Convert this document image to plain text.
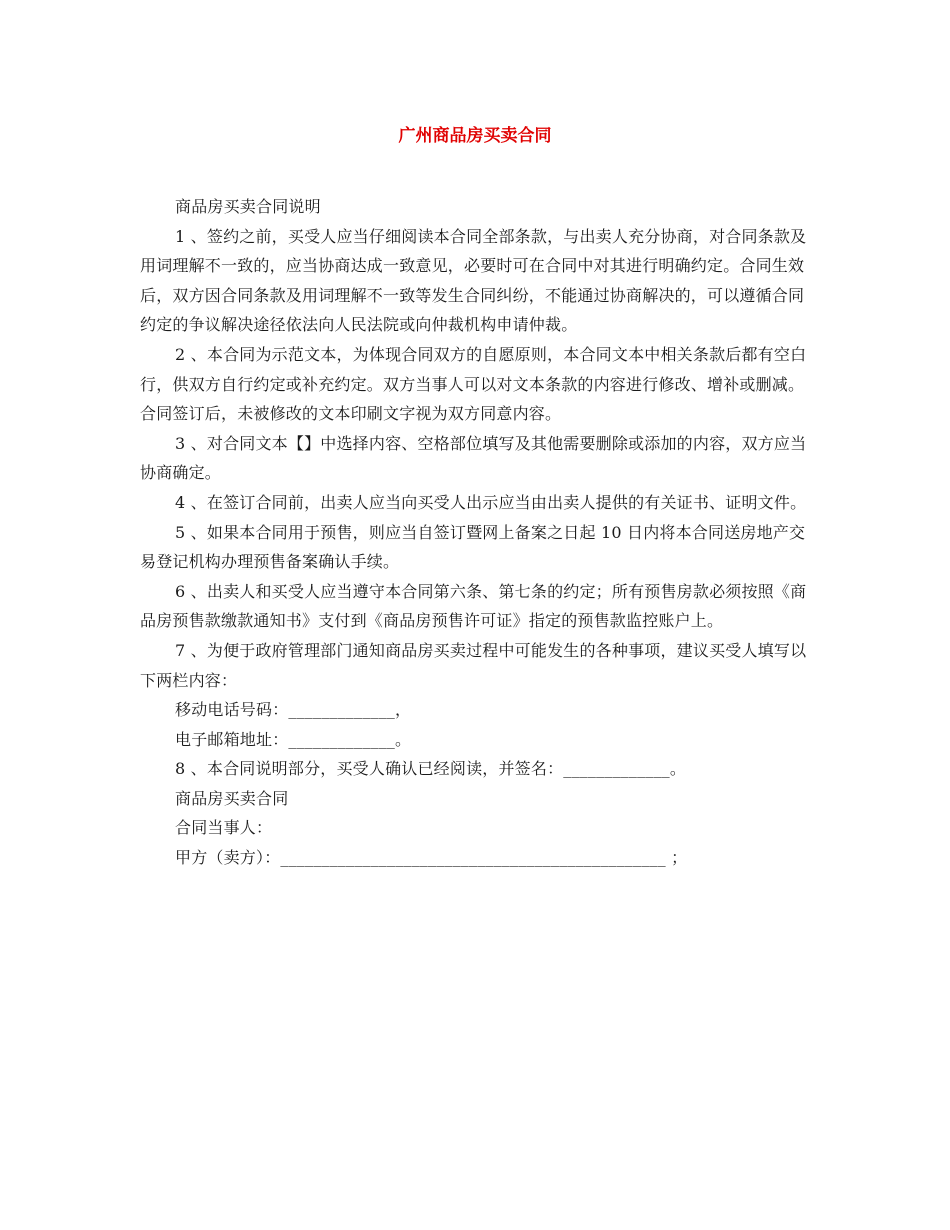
广州商品房买卖合同

商品房买卖合同说明

1 、签约之前，买受人应当仔细阅读本合同全部条款，与出卖人充分协商，对合同条款及用词理解不一致的，应当协商达成一致意见，必要时可在合同中对其进行明确约定。合同生效后，双方因合同条款及用词理解不一致等发生合同纠纷，不能通过协商解决的，可以遵循合同约定的争议解决途径依法向人民法院或向仲裁机构申请仲裁。

2 、本合同为示范文本，为体现合同双方的自愿原则，本合同文本中相关条款后都有空白行，供双方自行约定或补充约定。双方当事人可以对文本条款的内容进行修改、增补或删减。合同签订后，未被修改的文本印刷文字视为双方同意内容。

3 、对合同文本【】中选择内容、空格部位填写及其他需要删除或添加的内容，双方应当协商确定。

4 、在签订合同前，出卖人应当向买受人出示应当由出卖人提供的有关证书、证明文件。

5 、如果本合同用于预售，则应当自签订暨网上备案之日起 10 日内将本合同送房地产交易登记机构办理预售备案确认手续。

6 、出卖人和买受人应当遵守本合同第六条、第七条的约定；所有预售房款必须按照《商品房预售款缴款通知书》支付到《商品房预售许可证》指定的预售款监控账户上。

7 、为便于政府管理部门通知商品房买卖过程中可能发生的各种事项，建议买受人填写以下两栏内容：

移动电话号码：_____________，

电子邮箱地址：_____________。

8 、本合同说明部分，买受人确认已经阅读，并签名：_____________。

商品房买卖合同

合同当事人：

甲方（卖方）：_______________________________________________ ；
